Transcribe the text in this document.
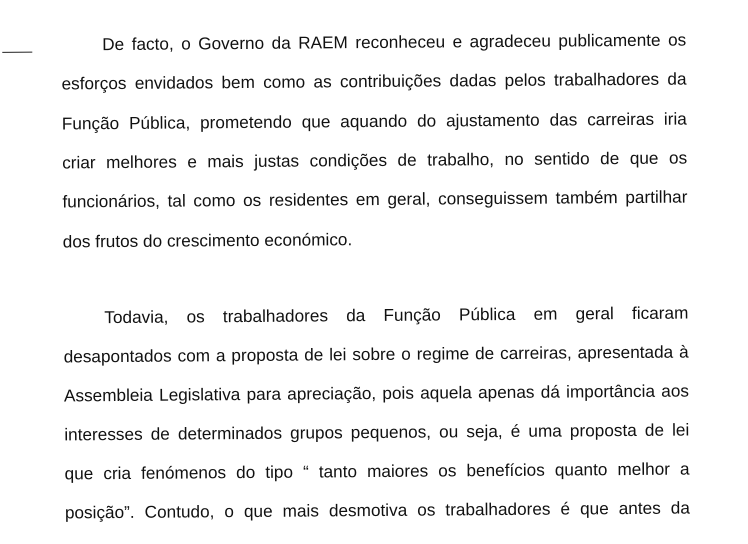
De facto, o Governo da RAEM reconheceu e agradeceu publicamente os
esforços envidados bem como as contribuições dadas pelos trabalhadores da
Função Pública, prometendo que aquando do ajustamento das carreiras iria
criar melhores e mais justas condições de trabalho, no sentido de que os
funcionários, tal como os residentes em geral, conseguissem também partilhar
dos frutos do crescimento económico.
Todavia, os trabalhadores da Função Pública em geral ficaram
desapontados com a proposta de lei sobre o regime de carreiras, apresentada à
Assembleia Legislativa para apreciação, pois aquela apenas dá importância aos
interesses de determinados grupos pequenos, ou seja, é uma proposta de lei
que cria fenómenos do tipo “ tanto maiores os benefícios quanto melhor a
posição”. Contudo, o que mais desmotiva os trabalhadores é que antes da
